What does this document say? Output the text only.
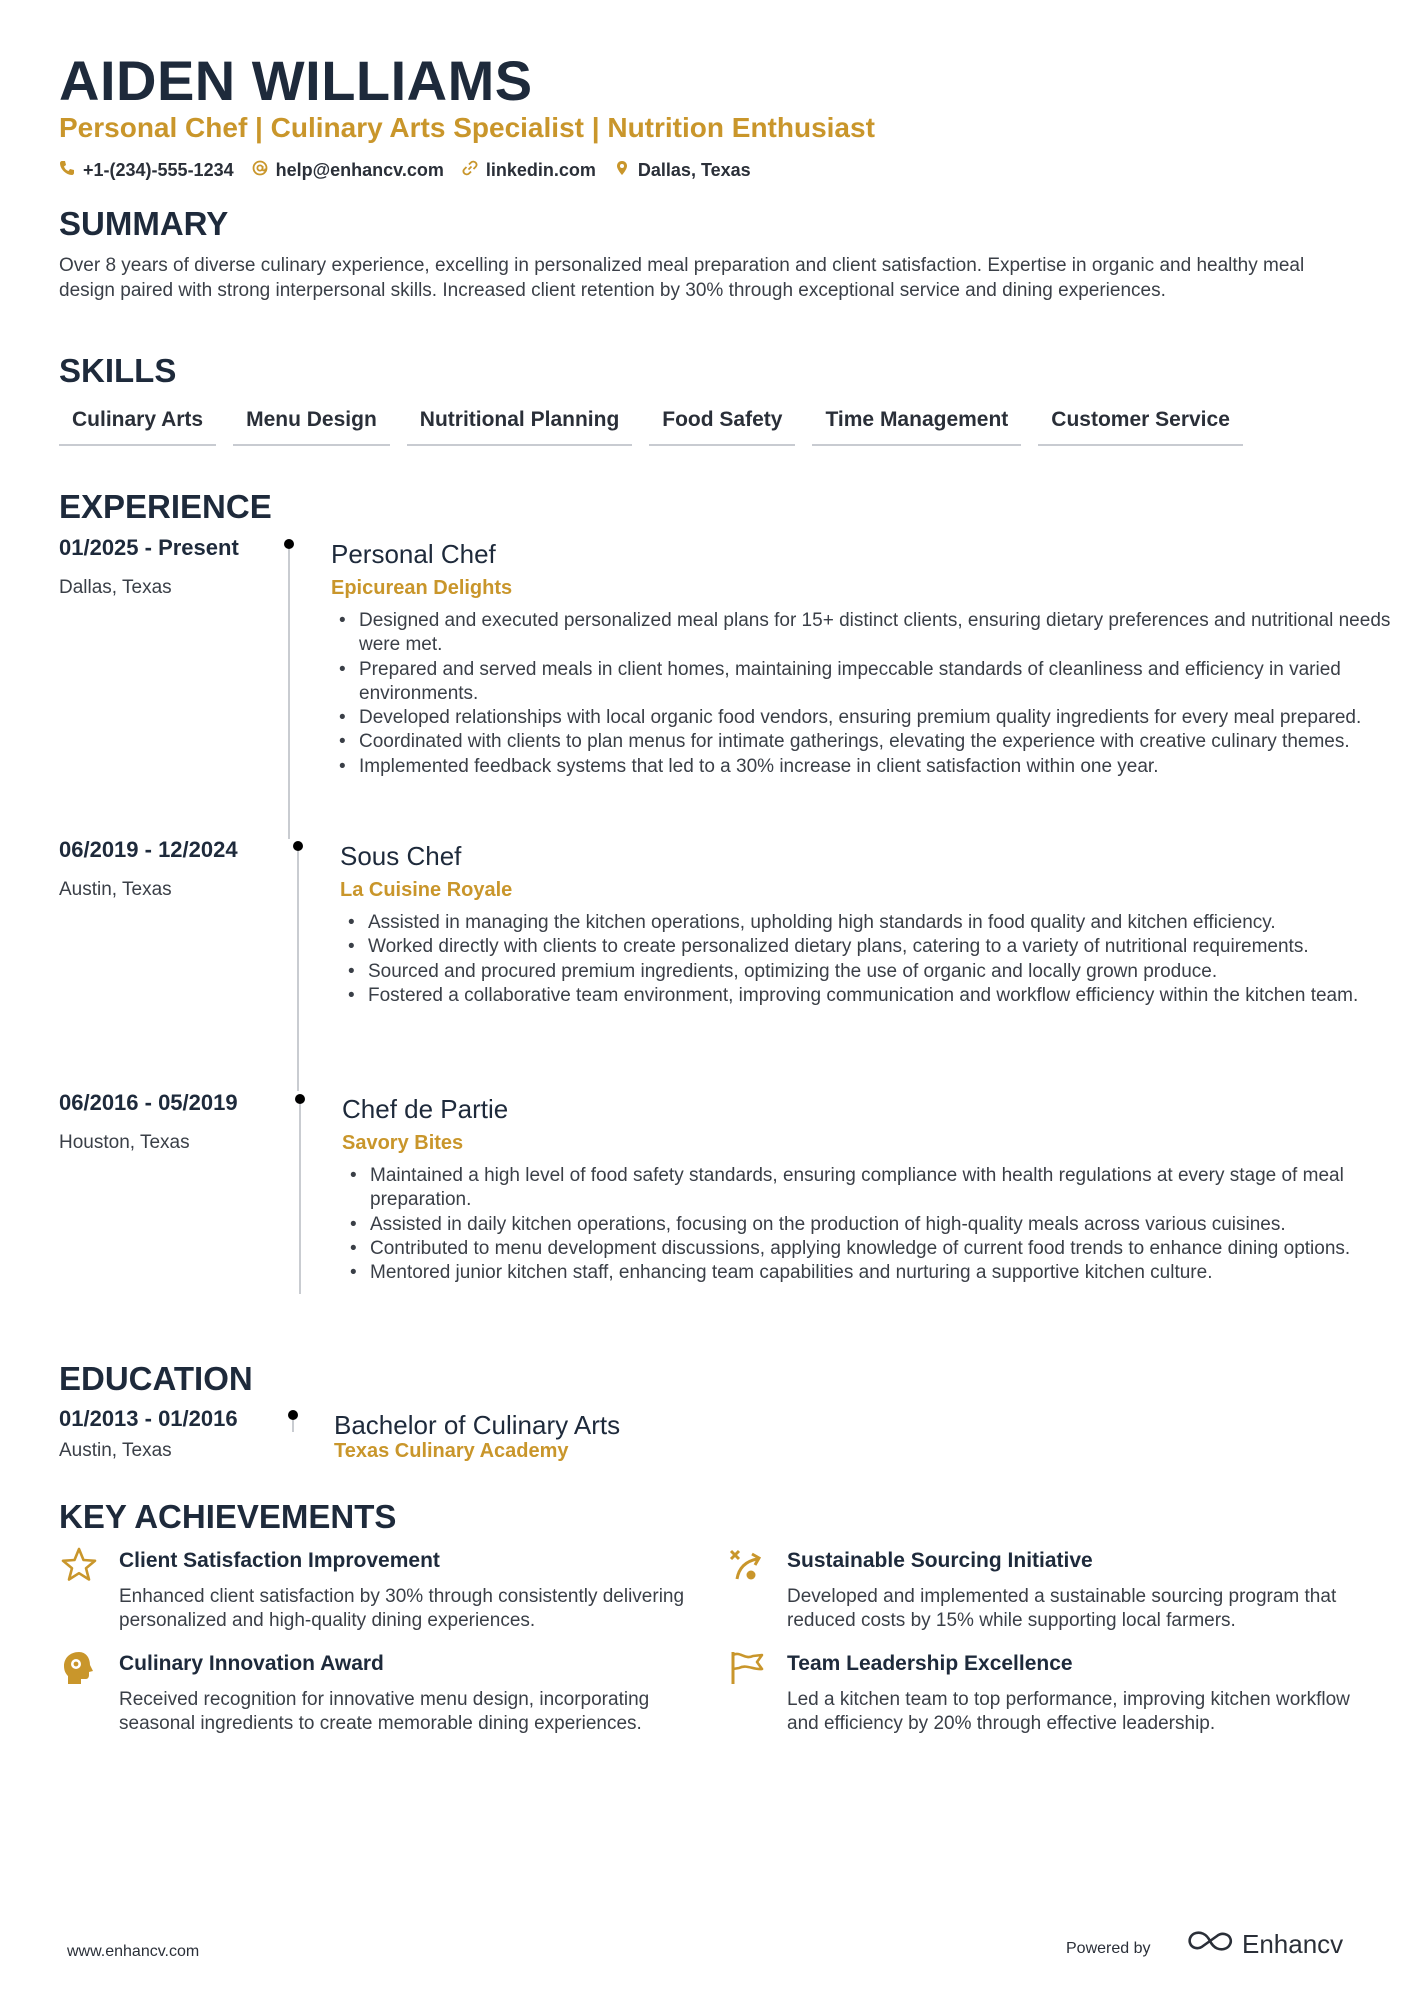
AIDEN WILLIAMS
Personal Chef | Culinary Arts Specialist | Nutrition Enthusiast
+1-(234)-555-1234 help@enhancv.com linkedin.com Dallas, Texas
SUMMARY
Over 8 years of diverse culinary experience, excelling in personalized meal preparation and client satisfaction. Expertise in organic and healthy meal design paired with strong interpersonal skills. Increased client retention by 30% through exceptional service and dining experiences.
SKILLS
Culinary Arts	Menu Design	Nutritional Planning	Food Safety	Time Management	Customer Service
EXPERIENCE
01/2025 - Present
Dallas, Texas
Personal Chef
Epicurean Delights
• Designed and executed personalized meal plans for 15+ distinct clients, ensuring dietary preferences and nutritional needs were met.
• Prepared and served meals in client homes, maintaining impeccable standards of cleanliness and efficiency in varied environments.
• Developed relationships with local organic food vendors, ensuring premium quality ingredients for every meal prepared.
• Coordinated with clients to plan menus for intimate gatherings, elevating the experience with creative culinary themes.
• Implemented feedback systems that led to a 30% increase in client satisfaction within one year.
06/2019 - 12/2024
Austin, Texas
Sous Chef
La Cuisine Royale
• Assisted in managing the kitchen operations, upholding high standards in food quality and kitchen efficiency.
• Worked directly with clients to create personalized dietary plans, catering to a variety of nutritional requirements.
• Sourced and procured premium ingredients, optimizing the use of organic and locally grown produce.
• Fostered a collaborative team environment, improving communication and workflow efficiency within the kitchen team.
06/2016 - 05/2019
Houston, Texas
Chef de Partie
Savory Bites
• Maintained a high level of food safety standards, ensuring compliance with health regulations at every stage of meal preparation.
• Assisted in daily kitchen operations, focusing on the production of high-quality meals across various cuisines.
• Contributed to menu development discussions, applying knowledge of current food trends to enhance dining options.
• Mentored junior kitchen staff, enhancing team capabilities and nurturing a supportive kitchen culture.
EDUCATION
01/2013 - 01/2016
Austin, Texas
Bachelor of Culinary Arts
Texas Culinary Academy
KEY ACHIEVEMENTS
Client Satisfaction Improvement
Enhanced client satisfaction by 30% through consistently delivering personalized and high-quality dining experiences.
Sustainable Sourcing Initiative
Developed and implemented a sustainable sourcing program that reduced costs by 15% while supporting local farmers.
Culinary Innovation Award
Received recognition for innovative menu design, incorporating seasonal ingredients to create memorable dining experiences.
Team Leadership Excellence
Led a kitchen team to top performance, improving kitchen workflow and efficiency by 20% through effective leadership.
www.enhancv.com	Powered by	Enhancv
